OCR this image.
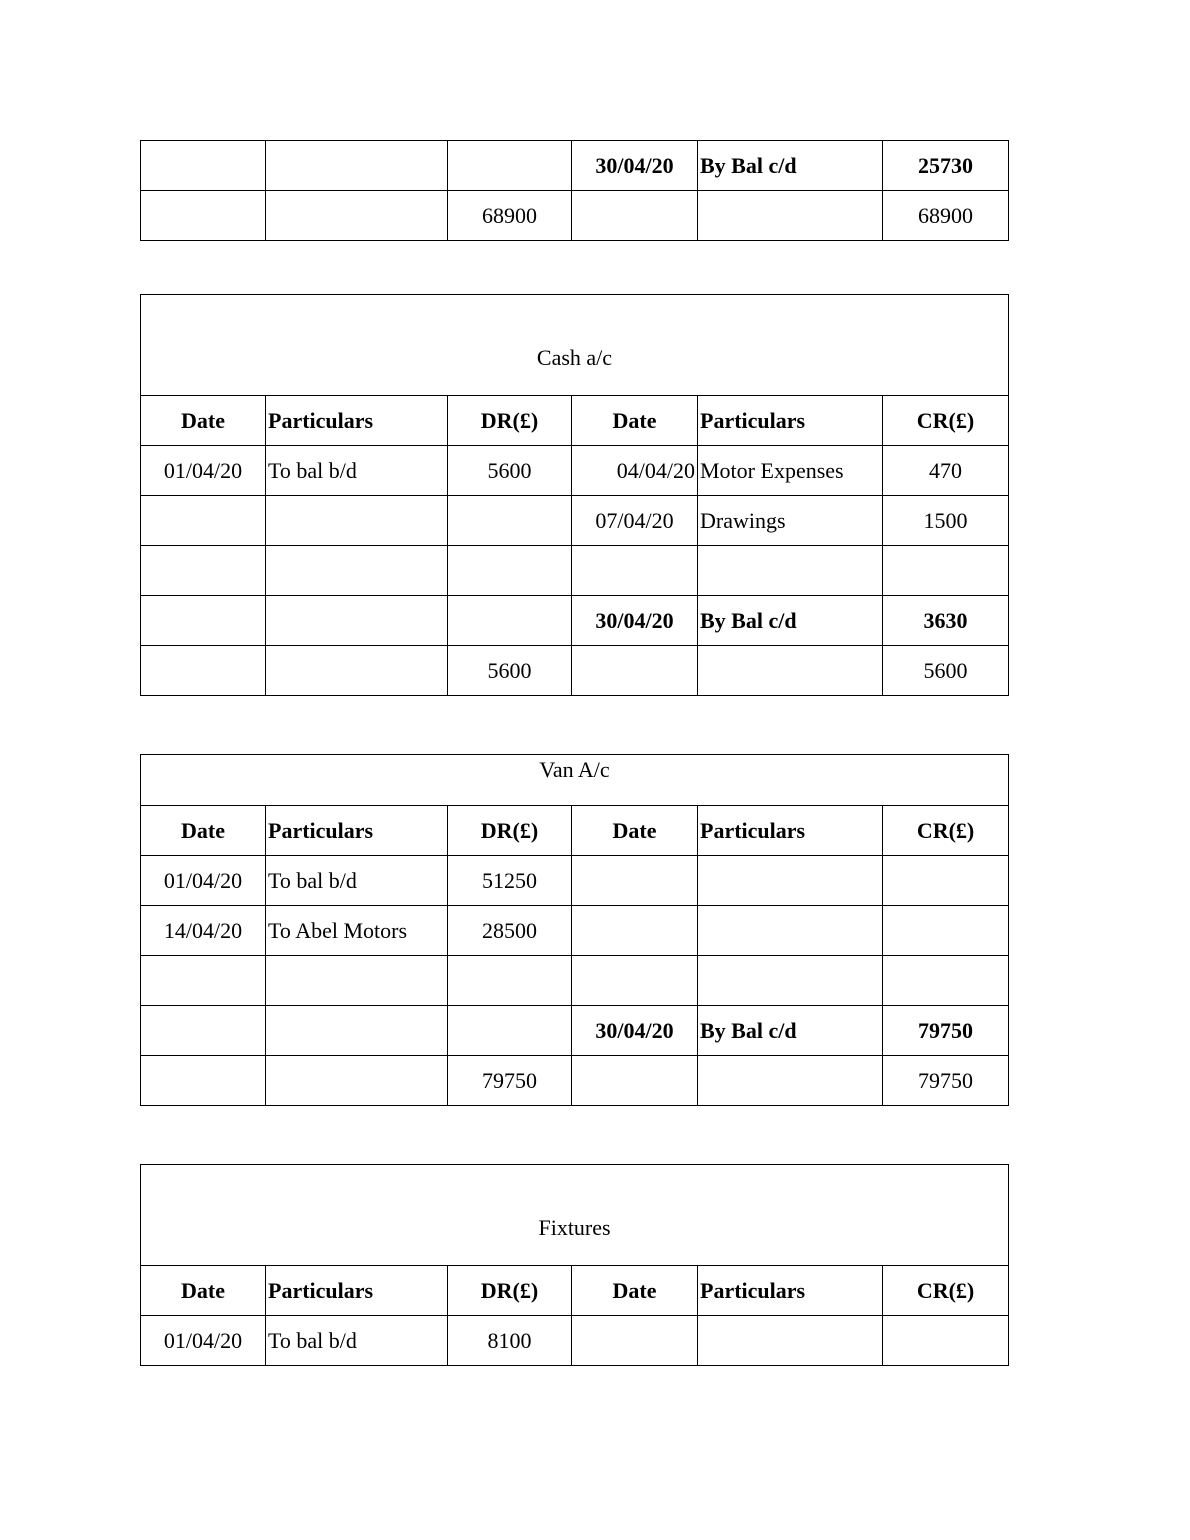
			30/04/20	By Bal c/d	25730
		68900			68900
Cash a/c					
Date	Particulars	DR(£)	Date	Particulars	CR(£)
01/04/20	To bal b/d	5600	04/04/20	Motor Expenses	470
			07/04/20	Drawings	1500

			30/04/20	By Bal c/d	3630
		5600			5600
Van A/c					
Date	Particulars	DR(£)	Date	Particulars	CR(£)
01/04/20	To bal b/d	51250			
14/04/20	To Abel Motors	28500			

			30/04/20	By Bal c/d	79750
		79750			79750
Fixtures					
Date	Particulars	DR(£)	Date	Particulars	CR(£)
01/04/20	To bal b/d	8100			
